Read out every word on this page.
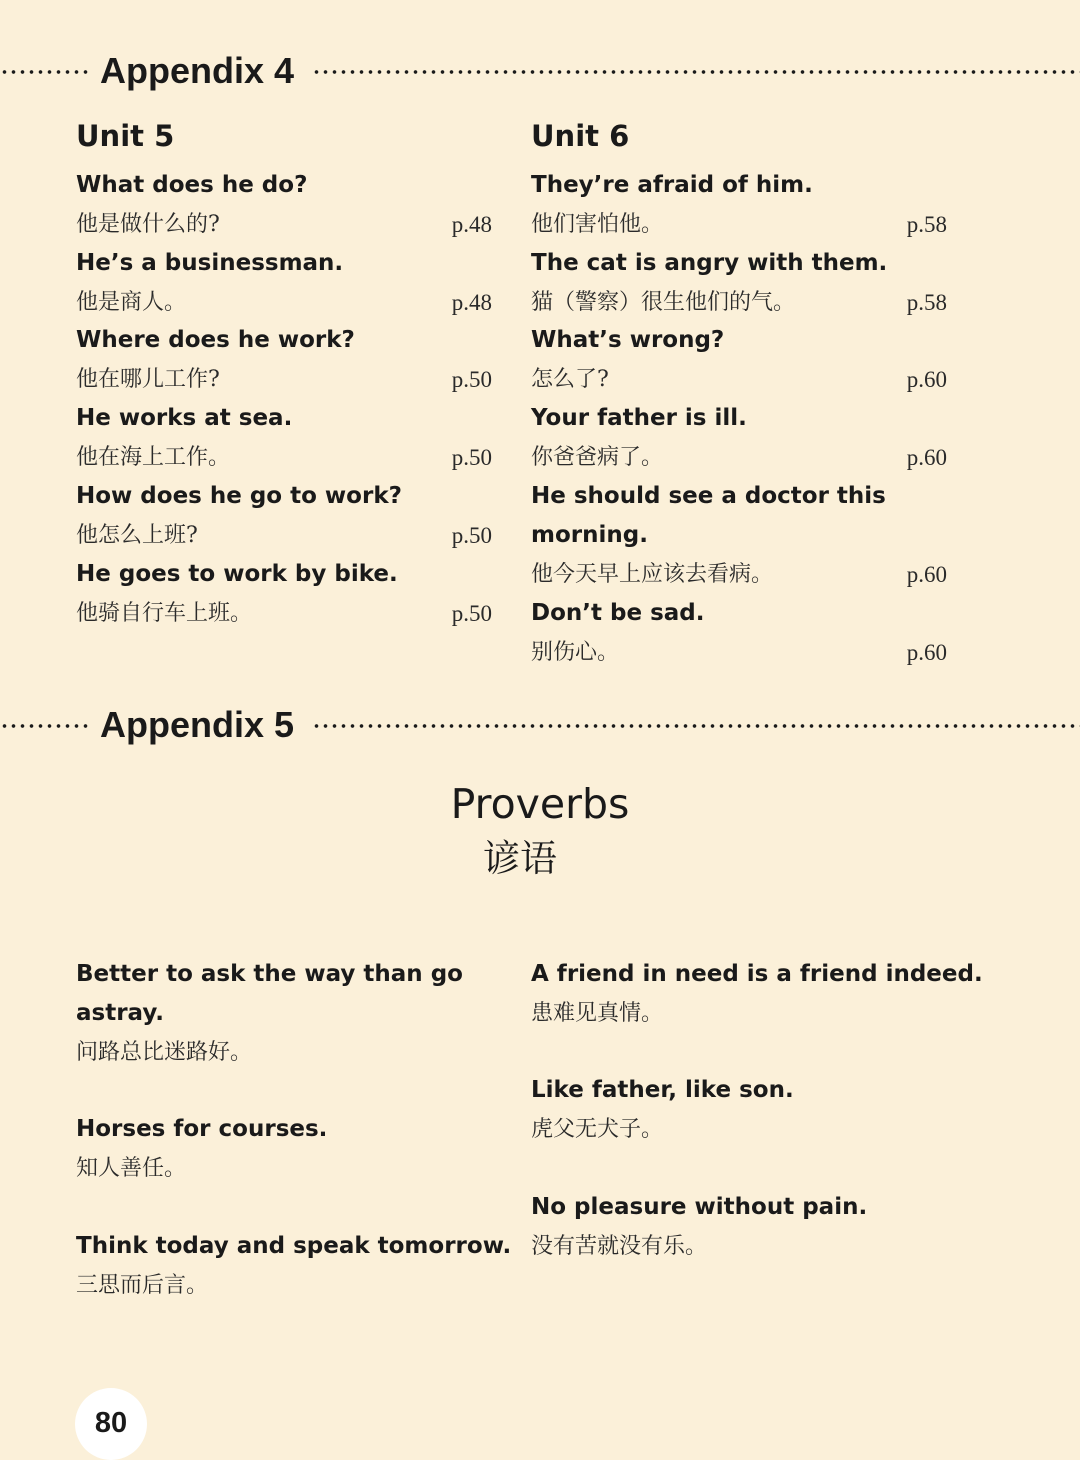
Appendix 4
Unit 5
What does he do?
他是做什么的?	p.48
He’s a businessman.
他是商人。	p.48
Where does he work?
他在哪儿工作?	p.50
He works at sea.
他在海上工作。	p.50
How does he go to work?
他怎么上班?	p.50
He goes to work by bike.
他骑自行车上班。	p.50
Unit 6
They’re afraid of him.
他们害怕他。	p.58
The cat is angry with them.
猫（警察）很生他们的气。	p.58
What’s wrong?
怎么了?	p.60
Your father is ill.
你爸爸病了。	p.60
He should see a doctor this
morning.
他今天早上应该去看病。	p.60
Don’t be sad.
别伤心。	p.60
Appendix 5
Proverbs
谚语
Better to ask the way than go
astray.
问路总比迷路好。
Horses for courses.
知人善任。
Think today and speak tomorrow.
三思而后言。
A friend in need is a friend indeed.
患难见真情。
Like father, like son.
虎父无犬子。
No pleasure without pain.
没有苦就没有乐。
80
